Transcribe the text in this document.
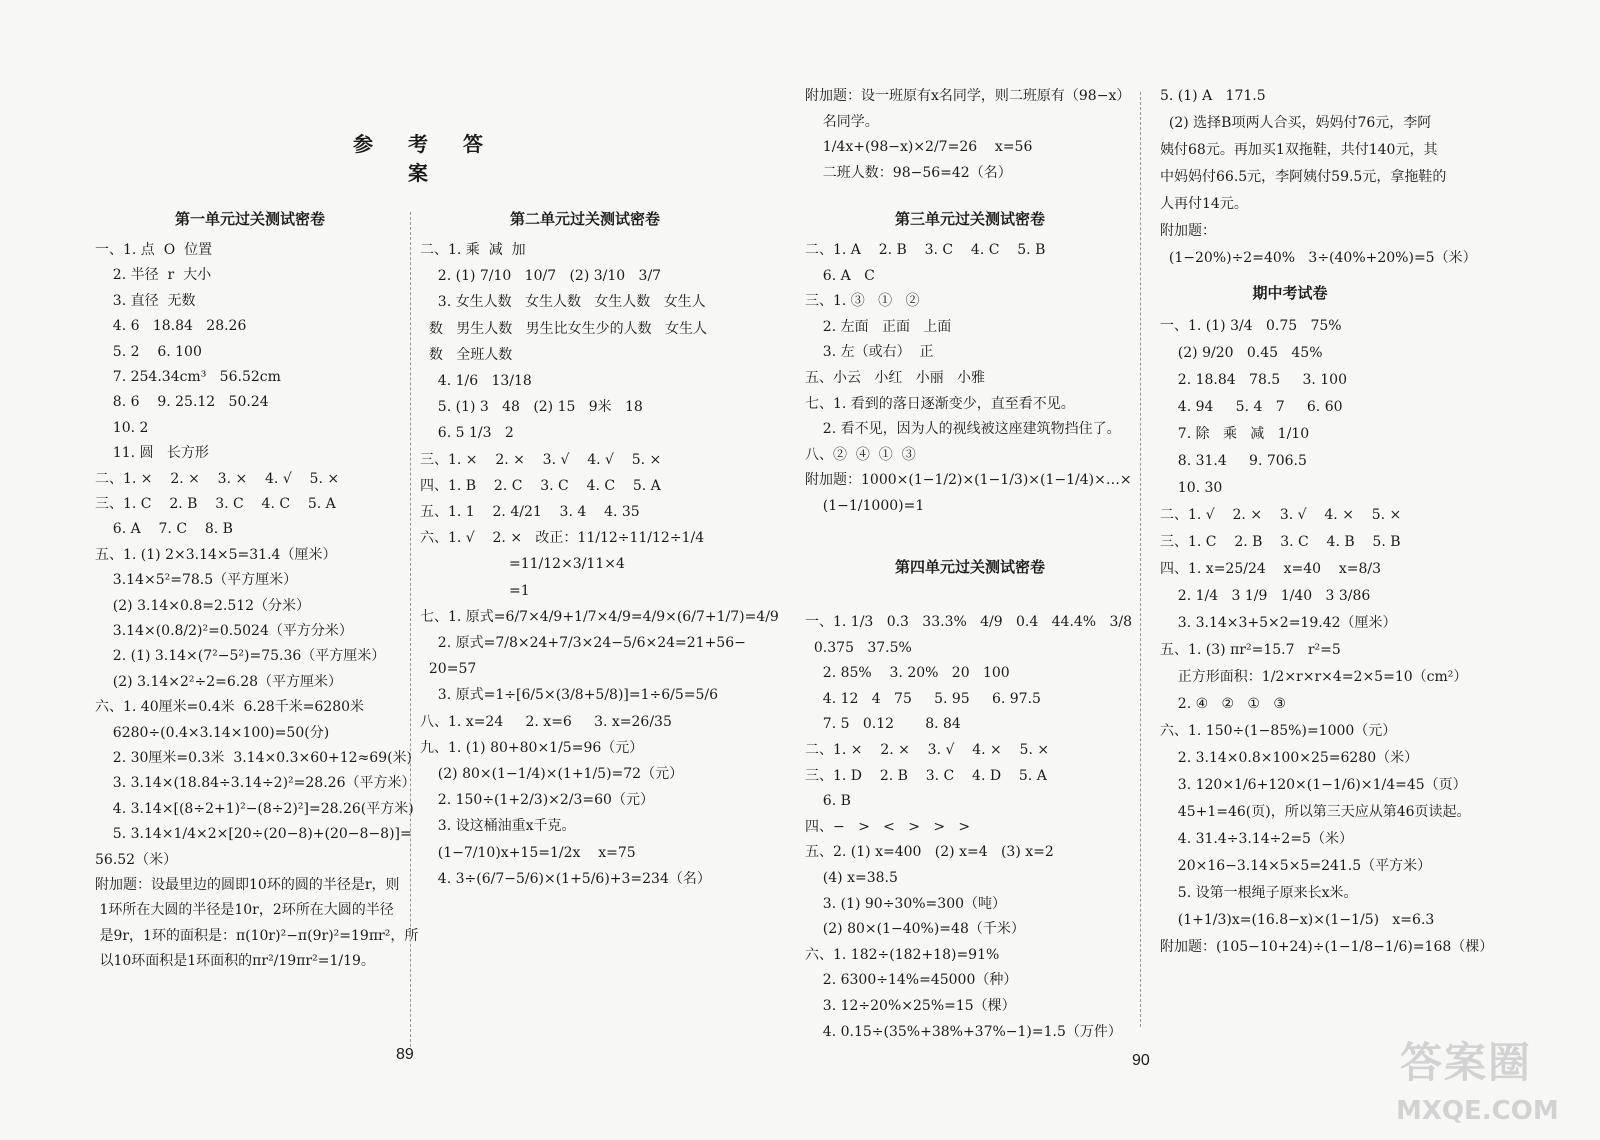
参 考 答 案
第一单元过关测试密卷
一、1. 点  O  位置
2. 半径  r  大小
3. 直径  无数
4. 6   18.84   28.26
5. 2    6. 100
7. 254.34cm³   56.52cm
8. 6    9. 25.12   50.24
10. 2
11. 圆   长方形
二、1. ×    2. ×    3. ×    4. √    5. ×
三、1. C    2. B    3. C    4. C    5. A
6. A    7. C    8. B
五、1. (1) 2×3.14×5=31.4（厘米）
3.14×5²=78.5（平方厘米）
(2) 3.14×0.8=2.512（分米）
3.14×(0.8/2)²=0.5024（平方分米）
2. (1) 3.14×(7²−5²)=75.36（平方厘米）
(2) 3.14×2²÷2=6.28（平方厘米）
六、1. 40厘米=0.4米  6.28千米=6280米
6280÷(0.4×3.14×100)=50(分)
2. 30厘米=0.3米  3.14×0.3×60+12≈69(米)
3. 3.14×(18.84÷3.14÷2)²=28.26（平方米）
4. 3.14×[(8÷2+1)²−(8÷2)²]=28.26(平方米)
5. 3.14×1/4×2×[20÷(20−8)+(20−8−8)]=
56.52（米）
附加题：设最里边的圆即10环的圆的半径是r，则
1环所在大圆的半径是10r，2环所在大圆的半径
是9r，1环的面积是：π(10r)²−π(9r)²=19πr²，所
以10环面积是1环面积的πr²/19πr²=1/19。
第二单元过关测试密卷
二、1. 乘  减  加
2. (1) 7/10   10/7   (2) 3/10   3/7
3. 女生人数   女生人数   女生人数   女生人
数   男生人数   男生比女生少的人数   女生人
数   全班人数
4. 1/6   13/18
5. (1) 3   48   (2) 15   9米   18
6. 5 1/3   2
三、1. ×    2. ×    3. √    4. √    5. ×
四、1. B    2. C    3. C    4. C    5. A
五、1. 1    2. 4/21    3. 4    4. 35
六、1. √    2. ×   改正：11/12÷11/12÷1/4
=11/12×3/11×4
=1
七、1. 原式=6/7×4/9+1/7×4/9=4/9×(6/7+1/7)=4/9
2. 原式=7/8×24+7/3×24−5/6×24=21+56−
20=57
3. 原式=1÷[6/5×(3/8+5/8)]=1÷6/5=5/6
八、1. x=24     2. x=6     3. x=26/35
九、1. (1) 80+80×1/5=96（元）
(2) 80×(1−1/4)×(1+1/5)=72（元）
2. 150÷(1+2/3)×2/3=60（元）
3. 设这桶油重x千克。
(1−7/10)x+15=1/2x    x=75
4. 3÷(6/7−5/6)×(1+5/6)+3=234（名）
附加题：设一班原有x名同学，则二班原有（98−x）
名同学。
1/4x+(98−x)×2/7=26    x=56
二班人数：98−56=42（名）
第三单元过关测试密卷
二、1. A    2. B    3. C    4. C    5. B
6. A   C
三、1. ③   ①   ②
2. 左面   正面   上面
3. 左（或右）  正
五、小云   小红   小丽   小雅
七、1. 看到的落日逐渐变少，直至看不见。
2. 看不见，因为人的视线被这座建筑物挡住了。
八、②  ④  ①  ③
附加题：1000×(1−1/2)×(1−1/3)×(1−1/4)×…×
(1−1/1000)=1
第四单元过关测试密卷
一、1. 1/3   0.3̇   33.3%   4/9   0.4̇   44.4%   3/8
0.375   37.5%
2. 85%    3. 20%   20   100
4. 12   4   75     5. 95     6. 97.5
7. 5   0.12       8. 84
二、1. ×    2. ×    3. √    4. ×    5. ×
三、1. D    2. B    3. C    4. D    5. A
6. B
四、−   >   <   >   >   >
五、2. (1) x=400   (2) x=4   (3) x=2
(4) x=38.5
3. (1) 90÷30%=300（吨）
(2) 80×(1−40%)=48（千米）
六、1. 182÷(182+18)=91%
2. 6300÷14%=45000（种）
3. 12÷20%×25%=15（棵）
4. 0.15÷(35%+38%+37%−1)=1.5（万件）
5. (1) A   171.5
(2) 选择B项两人合买，妈妈付76元，李阿
姨付68元。再加买1双拖鞋，共付140元，其
中妈妈付66.5元，李阿姨付59.5元，拿拖鞋的
人再付14元。
附加题：
(1−20%)÷2=40%   3÷(40%+20%)=5（米）
期中考试卷
一、1. (1) 3/4   0.75   75%
(2) 9/20   0.45   45%
2. 18.84   78.5     3. 100
4. 94     5. 4   7     6. 60
7. 除   乘   减   1/10
8. 31.4     9. 706.5
10. 30
二、1. √    2. ×    3. √    4. ×    5. ×
三、1. C    2. B    3. C    4. B    5. B
四、1. x=25/24    x=40    x=8/3
2. 1/4   3 1/9   1/40   3 3/86
3. 3.14×3+5×2=19.42（厘米）
五、1. (3) πr²=15.7   r²=5
正方形面积：1/2×r×r×4=2×5=10（cm²）
2. ④   ②   ①   ③
六、1. 150÷(1−85%)=1000（元）
2. 3.14×0.8×100×25=6280（米）
3. 120×1/6+120×(1−1/6)×1/4=45（页）
45+1=46(页)，所以第三天应从第46页读起。
4. 31.4÷3.14÷2=5（米）
20×16−3.14×5×5=241.5（平方米）
5. 设第一根绳子原来长x米。
(1+1/3)x=(16.8−x)×(1−1/5)   x=6.3
附加题：(105−10+24)÷(1−1/8−1/6)=168（棵）
89	90	答案圈
MXQE.COM
